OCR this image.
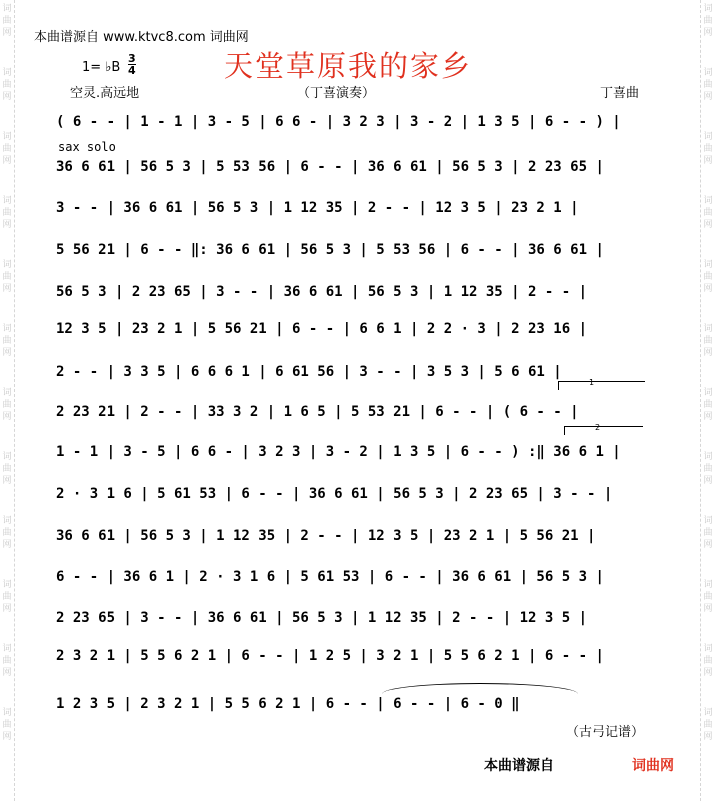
词
曲
网
词
曲
网
词
曲
网
词
曲
网
词
曲
网
词
曲
网
词
曲
网
词
曲
网
词
曲
网
词
曲
网
词
曲
网
词
曲
网
词
曲
网
词
曲
网
词
曲
网
词
曲
网
词
曲
网
词
曲
网
词
曲
网
词
曲
网
词
曲
网
词
曲
网
词
曲
网
词
曲
网
本曲谱源自 www.ktvc8.com 词曲网
天堂草原我的家乡
1= ♭B $\frac{3}{4}$
空灵.高远地	（丁喜演奏）	丁喜曲
sax solo
( 6 - - | 1 - 1 | 3 - 5 | 6 6 - | 3 2 3 | 3 - 2 | 1 3 5 | 6 - - ) |
36 6 61 | 56 5 3 | 5 53 56 | 6 - - | 36 6 61 | 56 5 3 | 2 23 65 |
3 - - | 36 6 61 | 56 5 3 | 1 12 35 | 2 - - | 12 3 5 | 23 2 1 |
5 56 21 | 6 - - ‖: 36 6 61 | 56 5 3 | 5 53 56 | 6 - - | 36 6 61 |
56 5 3 | 2 23 65 | 3 - - | 36 6 61 | 56 5 3 | 1 12 35 | 2 - - |
12 3 5 | 23 2 1 | 5 56 21 | 6 - - | 6 6 1 | 2 2 · 3 | 2 23 16 |
2 - - | 3 3 5 | 6 6 6 1 | 6 61 56 | 3 - - | 3 5 3 | 5 6 61 |
2 23 21 | 2 - - | 33 3 2 | 1 6 5 | 5 53 21 | 6 - - | ( 6 - - |
1 - 1 | 3 - 5 | 6 6 - | 3 2 3 | 3 - 2 | 1 3 5 | 6 - - ) :‖ 36 6 1 |
2 · 3 1 6 | 5 61 53 | 6 - - | 36 6 61 | 56 5 3 | 2 23 65 | 3 - - |
36 6 61 | 56 5 3 | 1 12 35 | 2 - - | 12 3 5 | 23 2 1 | 5 56 21 |
6 - - | 36 6 1 | 2 · 3 1 6 | 5 61 53 | 6 - - | 36 6 61 | 56 5 3 |
2 23 65 | 3 - - | 36 6 61 | 56 5 3 | 1 12 35 | 2 - - | 12 3 5 |
2 3 2 1 | 5 5 6 2 1 | 6 - - | 1 2 5 | 3 2 1 | 5 5 6 2 1 | 6 - - |
1 2 3 5 | 2 3 2 1 | 5 5 6 2 1 | 6 - - | 6 - - | 6 - 0 ‖
1
2
（古弓记谱）
本曲谱源自	词曲网
